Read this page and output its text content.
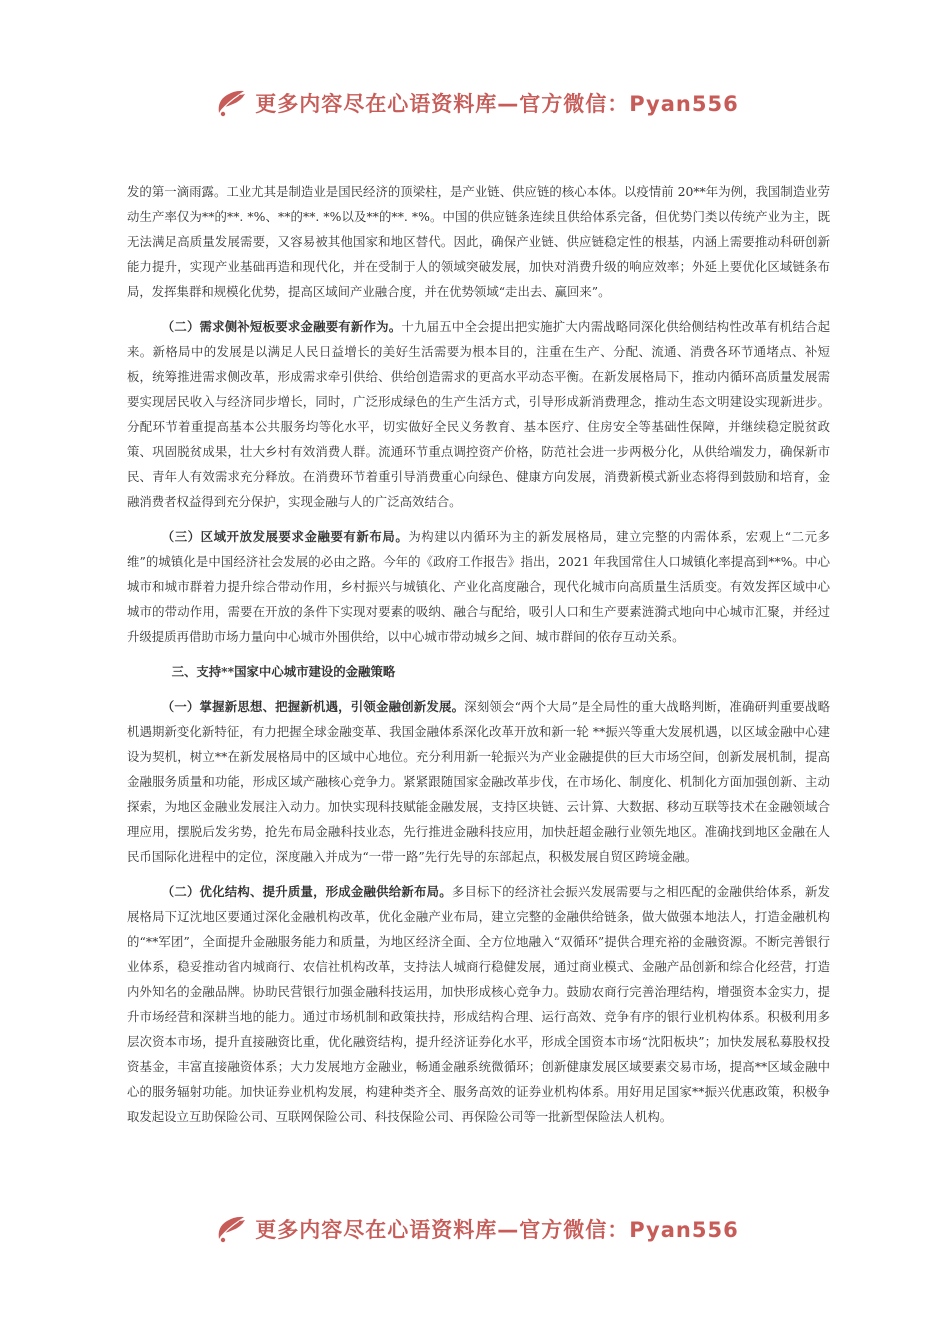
更多内容尽在心语资料库—官方微信：Pyan556

发的第一滴雨露。工业尤其是制造业是国民经济的顶梁柱，是产业链、供应链的核心本体。以疫情前 20**年为例，我国制造业劳动生产率仅为**的**. *%、**的**. *%以及**的**. *%。中国的供应链条连续且供给体系完备，但优势门类以传统产业为主，既无法满足高质量发展需要，又容易被其他国家和地区替代。因此，确保产业链、供应链稳定性的根基，内涵上需要推动科研创新能力提升，实现产业基础再造和现代化，并在受制于人的领域突破发展，加快对消费升级的响应效率；外延上要优化区域链条布局，发挥集群和规模化优势，提高区域间产业融合度，并在优势领域“走出去、赢回来”。

（二）需求侧补短板要求金融要有新作为。十九届五中全会提出把实施扩大内需战略同深化供给侧结构性改革有机结合起来。新格局中的发展是以满足人民日益增长的美好生活需要为根本目的，注重在生产、分配、流通、消费各环节通堵点、补短板，统筹推进需求侧改革，形成需求牵引供给、供给创造需求的更高水平动态平衡。在新发展格局下，推动内循环高质量发展需要实现居民收入与经济同步增长，同时，广泛形成绿色的生产生活方式，引导形成新消费理念，推动生态文明建设实现新进步。分配环节着重提高基本公共服务均等化水平，切实做好全民义务教育、基本医疗、住房安全等基础性保障，并继续稳定脱贫政策、巩固脱贫成果，壮大乡村有效消费人群。流通环节重点调控资产价格，防范社会进一步两极分化，从供给端发力，确保新市民、青年人有效需求充分释放。在消费环节着重引导消费重心向绿色、健康方向发展，消费新模式新业态将得到鼓励和培育，金融消费者权益得到充分保护，实现金融与人的广泛高效结合。

（三）区域开放发展要求金融要有新布局。为构建以内循环为主的新发展格局，建立完整的内需体系，宏观上“二元多维”的城镇化是中国经济社会发展的必由之路。今年的《政府工作报告》指出，2021 年我国常住人口城镇化率提高到**%。中心城市和城市群着力提升综合带动作用，乡村振兴与城镇化、产业化高度融合，现代化城市向高质量生活质变。有效发挥区域中心城市的带动作用，需要在开放的条件下实现对要素的吸纳、融合与配给，吸引人口和生产要素涟漪式地向中心城市汇聚，并经过升级提质再借助市场力量向中心城市外围供给，以中心城市带动城乡之间、城市群间的依存互动关系。

三、支持**国家中心城市建设的金融策略

（一）掌握新思想、把握新机遇，引领金融创新发展。深刻领会“两个大局”是全局性的重大战略判断，准确研判重要战略机遇期新变化新特征，有力把握全球金融变革、我国金融体系深化改革开放和新一轮 **振兴等重大发展机遇，以区域金融中心建设为契机，树立**在新发展格局中的区域中心地位。充分利用新一轮振兴为产业金融提供的巨大市场空间，创新发展机制，提高金融服务质量和功能，形成区域产融核心竞争力。紧紧跟随国家金融改革步伐，在市场化、制度化、机制化方面加强创新、主动探索，为地区金融业发展注入动力。加快实现科技赋能金融发展，支持区块链、云计算、大数据、移动互联等技术在金融领域合理应用，摆脱后发劣势，抢先布局金融科技业态，先行推进金融科技应用，加快赶超金融行业领先地区。准确找到地区金融在人民币国际化进程中的定位，深度融入并成为“一带一路”先行先导的东部起点，积极发展自贸区跨境金融。

（二）优化结构、提升质量，形成金融供给新布局。多目标下的经济社会振兴发展需要与之相匹配的金融供给体系，新发展格局下辽沈地区要通过深化金融机构改革，优化金融产业布局，建立完整的金融供给链条，做大做强本地法人，打造金融机构的“**军团”，全面提升金融服务能力和质量，为地区经济全面、全方位地融入“双循环”提供合理充裕的金融资源。不断完善银行业体系，稳妥推动省内城商行、农信社机构改革，支持法人城商行稳健发展，通过商业模式、金融产品创新和综合化经营，打造内外知名的金融品牌。协助民营银行加强金融科技运用，加快形成核心竞争力。鼓励农商行完善治理结构，增强资本金实力，提升市场经营和深耕当地的能力。通过市场机制和政策扶持，形成结构合理、运行高效、竞争有序的银行业机构体系。积极利用多层次资本市场，提升直接融资比重，优化融资结构，提升经济证券化水平，形成全国资本市场“沈阳板块”；加快发展私募股权投资基金，丰富直接融资体系；大力发展地方金融业，畅通金融系统微循环；创新健康发展区域要素交易市场，提高**区域金融中心的服务辐射功能。加快证券业机构发展，构建种类齐全、服务高效的证券业机构体系。用好用足国家**振兴优惠政策，积极争取发起设立互助保险公司、互联网保险公司、科技保险公司、再保险公司等一批新型保险法人机构。

更多内容尽在心语资料库—官方微信：Pyan556
